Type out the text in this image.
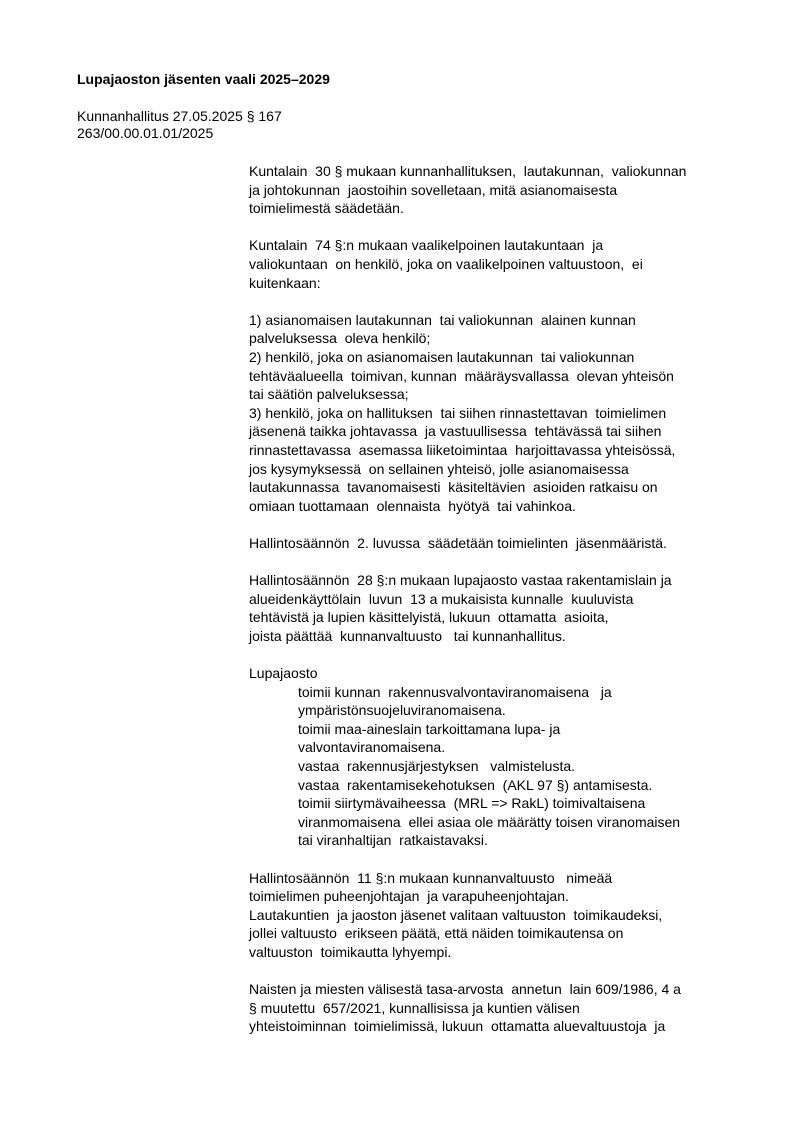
Lupajaoston jäsenten vaali 2025–2029
Kunnanhallitus 27.05.2025 § 167
263/00.00.01.01/2025
Kuntalain  30 § mukaan kunnanhallituksen,  lautakunnan,  valiokunnan
ja johtokunnan  jaostoihin sovelletaan, mitä asianomaisesta
toimielimestä säädetään.
Kuntalain  74 §:n mukaan vaalikelpoinen lautakuntaan  ja
valiokuntaan  on henkilö, joka on vaalikelpoinen valtuustoon,  ei
kuitenkaan:
1) asianomaisen lautakunnan  tai valiokunnan  alainen kunnan
palveluksessa  oleva henkilö;
2) henkilö, joka on asianomaisen lautakunnan  tai valiokunnan
tehtäväalueella  toimivan, kunnan  määräysvallassa  olevan yhteisön
tai säätiön palveluksessa;
3) henkilö, joka on hallituksen  tai siihen rinnastettavan  toimielimen
jäsenenä taikka johtavassa  ja vastuullisessa  tehtävässä tai siihen
rinnastettavassa  asemassa liiketoimintaa  harjoittavassa yhteisössä,
jos kysymyksessä  on sellainen yhteisö, jolle asianomaisessa
lautakunnassa  tavanomaisesti  käsiteltävien  asioiden ratkaisu on
omiaan tuottamaan  olennaista  hyötyä  tai vahinkoa.
Hallintosäännön  2. luvussa  säädetään toimielinten  jäsenmääristä.
Hallintosäännön  28 §:n mukaan lupajaosto vastaa rakentamislain ja
alueidenkäyttölain  luvun  13 a mukaisista kunnalle  kuuluvista
tehtävistä ja lupien käsittelyistä, lukuun  ottamatta  asioita,
joista päättää  kunnanvaltuusto   tai kunnanhallitus.
Lupajaosto
toimii kunnan  rakennusvalvontaviranomaisena   ja
ympäristönsuojeluviranomaisena.
toimii maa-aineslain tarkoittamana lupa- ja
valvontaviranomaisena.
vastaa  rakennusjärjestyksen   valmistelusta.
vastaa  rakentamisekehotuksen  (AKL 97 §) antamisesta.
toimii siirtymävaiheessa  (MRL => RakL) toimivaltaisena
viranmomaisena  ellei asiaa ole määrätty toisen viranomaisen
tai viranhaltijan  ratkaistavaksi.
Hallintosäännön  11 §:n mukaan kunnanvaltuusto   nimeää
toimielimen puheenjohtajan  ja varapuheenjohtajan.
Lautakuntien  ja jaoston jäsenet valitaan valtuuston  toimikaudeksi,
jollei valtuusto  erikseen päätä, että näiden toimikautensa on
valtuuston  toimikautta lyhyempi.
Naisten ja miesten välisestä tasa-arvosta  annetun  lain 609/1986, 4 a
§ muutettu  657/2021, kunnallisissa ja kuntien välisen
yhteistoiminnan  toimielimissä, lukuun  ottamatta aluevaltuustoja  ja
